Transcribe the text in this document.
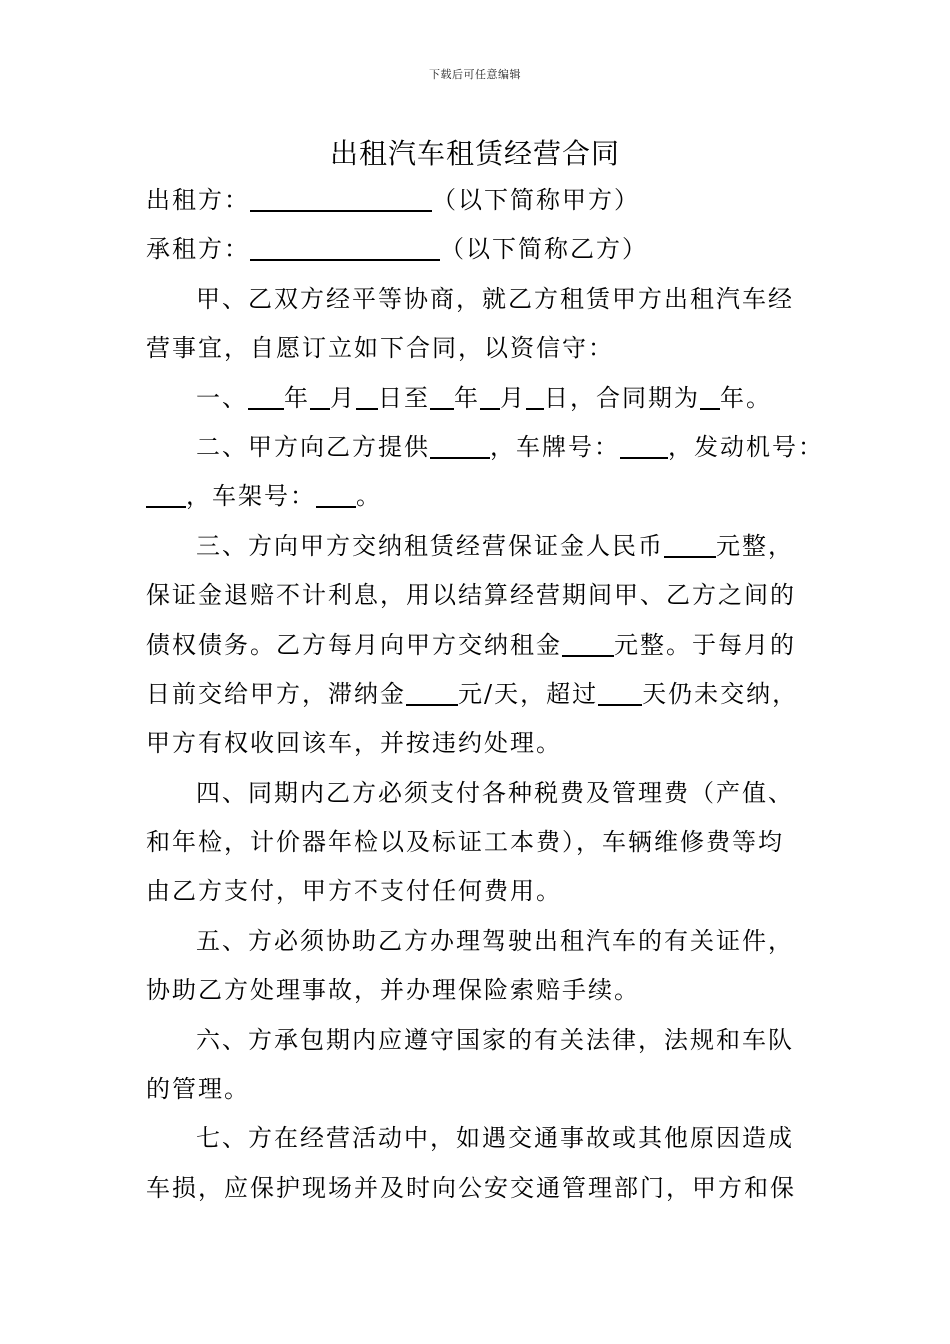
下载后可任意编辑
出租汽车租赁经营合同
出租方：	（以下简称甲方）
承租方：	（以下简称乙方）
甲、乙双方经平等协商，就乙方租赁甲方出租汽车经
营事宜，自愿订立如下合同，以资信守：
一、 年 月 日至 年 月 日，合同期为 年。
二、甲方向乙方提供	，车牌号： ，发动机号：
，车架号： 。
三、方向甲方交纳租赁经营保证金人民币 元整，
保证金退赔不计利息，用以结算经营期间甲、乙方之间的
债权债务。乙方每月向甲方交纳租金 元整。于每月的
日前交给甲方，滞纳金 元/天，超过 天仍未交纳，
甲方有权收回该车，并按违约处理。
四、同期内乙方必须支付各种税费及管理费（产值、
和年检，计价器年检以及标证工本费），车辆维修费等均
由乙方支付，甲方不支付任何费用。
五、方必须协助乙方办理驾驶出租汽车的有关证件，
协助乙方处理事故，并办理保险索赔手续。
六、方承包期内应遵守国家的有关法律，法规和车队
的管理。
七、方在经营活动中，如遇交通事故或其他原因造成
车损，应保护现场并及时向公安交通管理部门，甲方和保
